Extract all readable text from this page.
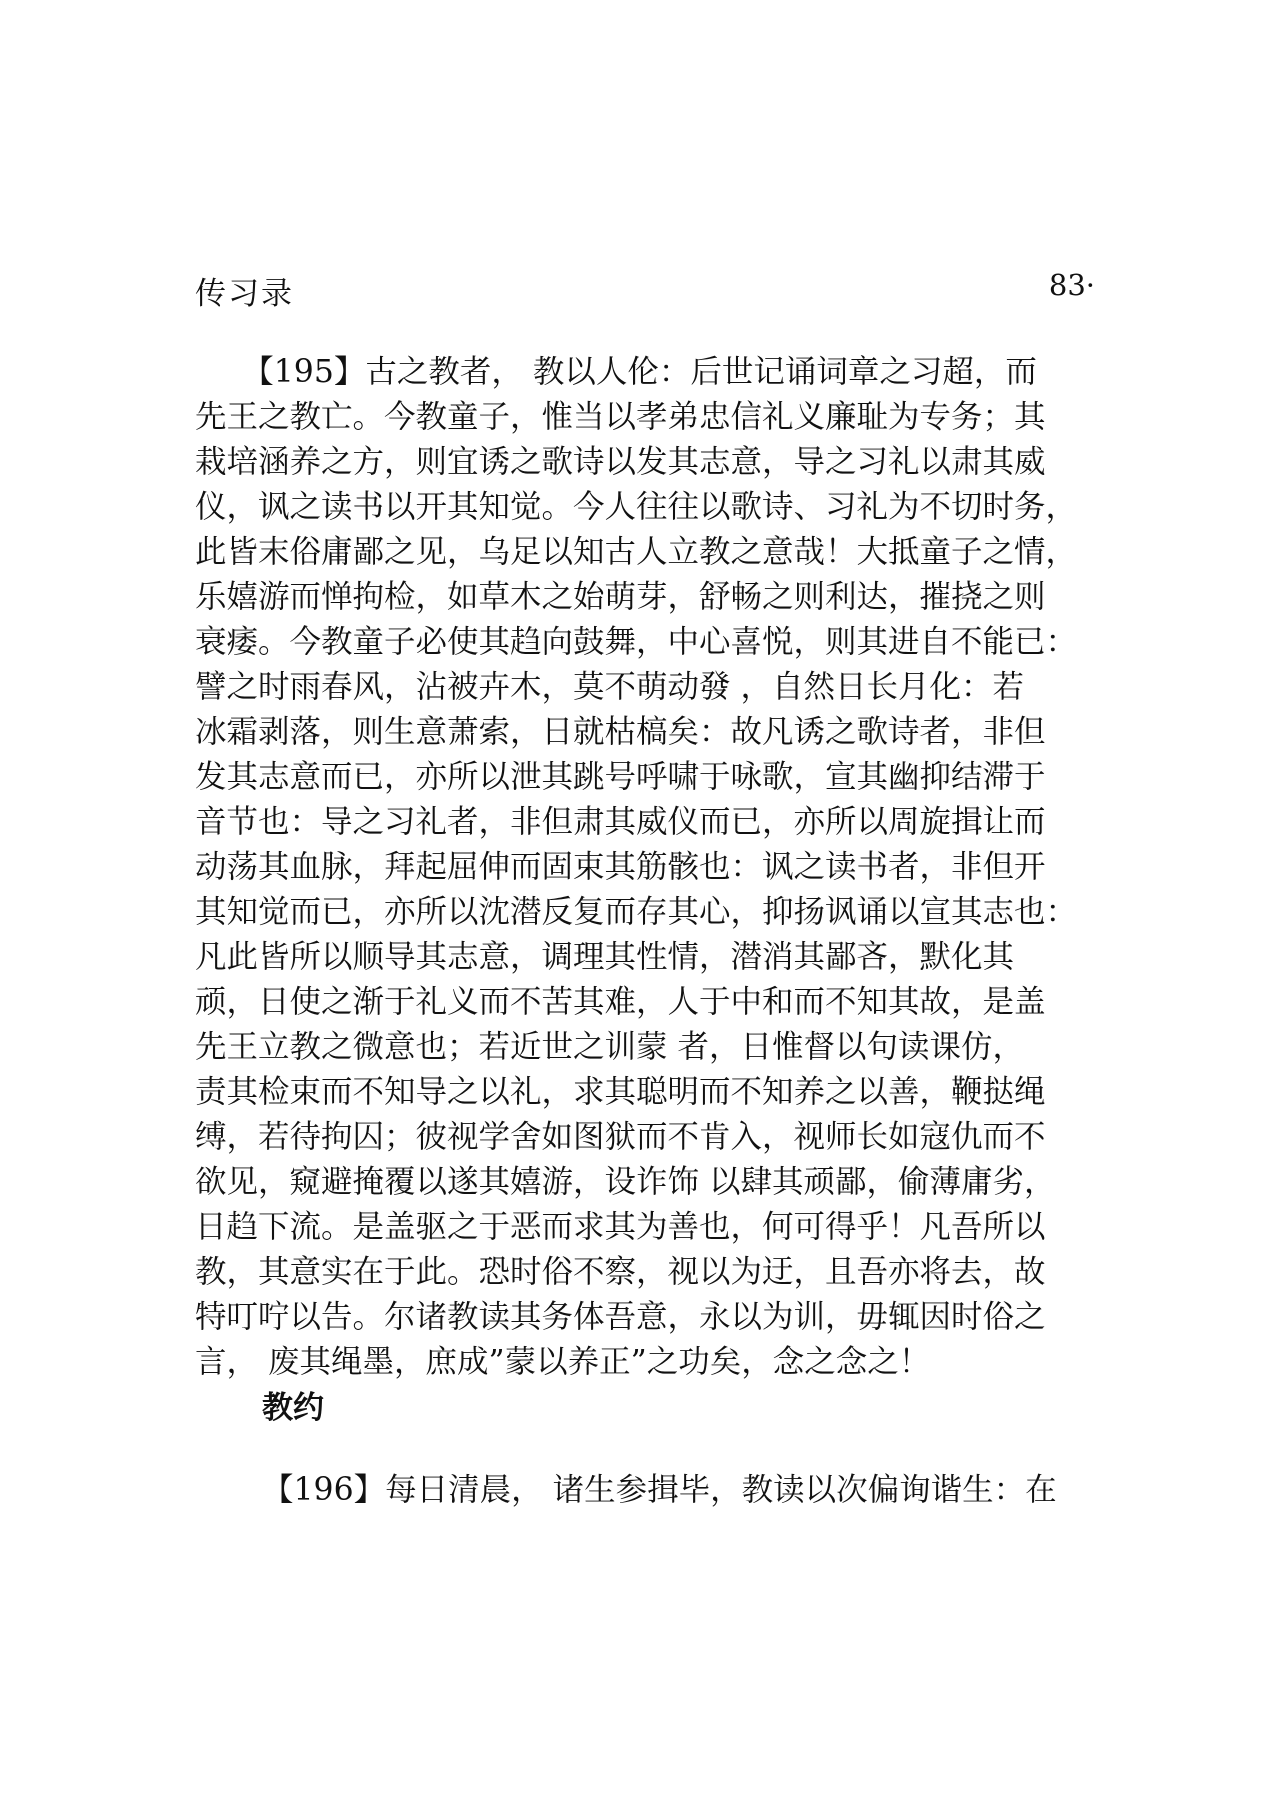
传习录	83·
　　【195】古之教者， 教以人伦：后世记诵词章之习超，而
先王之教亡。今教童子，惟当以孝弟忠信礼义廉耻为专务；其
栽培涵养之方，则宜诱之歌诗以发其志意，导之习礼以肃其威
仪，讽之读书以开其知觉。今人往往以歌诗、习礼为不切时务，
此皆末俗庸鄙之见，乌足以知古人立教之意哉！大抵童子之情，
乐嬉游而惮拘检，如草木之始萌芽，舒畅之则利达，摧挠之则
衰痿。今教童子必使其趋向鼓舞，中心喜悦，则其进自不能已：
譬之时雨春风，沾被卉木，莫不萌动發 ，自然日长月化：若
冰霜剥落，则生意萧索，日就枯槁矣：故凡诱之歌诗者，非但
发其志意而已，亦所以泄其跳号呼啸于咏歌，宣其幽抑结滞于
音节也：导之习礼者，非但肃其威仪而已，亦所以周旋揖让而
动荡其血脉，拜起屈伸而固束其筋骸也：讽之读书者，非但开
其知觉而已，亦所以沈潜反复而存其心，抑扬讽诵以宣其志也：
凡此皆所以顺导其志意，调理其性情，潜消其鄙吝，默化其
顽，日使之渐于礼义而不苦其难，人于中和而不知其故，是盖
先王立教之微意也；若近世之训蒙 者，日惟督以句读课仿，
责其检束而不知导之以礼，求其聪明而不知养之以善，鞭挞绳
缚，若待拘囚；彼视学舍如图狱而不肯入，视师长如寇仇而不
欲见，窥避掩覆以遂其嬉游，设诈饰 以肆其顽鄙，偷薄庸劣，
日趋下流。是盖驱之于恶而求其为善也，何可得乎！凡吾所以
教，其意实在于此。恐时俗不察，视以为迂，且吾亦将去，故
特叮咛以告。尔诸教读其务体吾意，永以为训，毋辄因时俗之
言， 废其绳墨，庶成”蒙以养正”之功矣，念之念之！
教约
【196】每日清晨， 诸生参揖毕，教读以次偏询谐生：在
